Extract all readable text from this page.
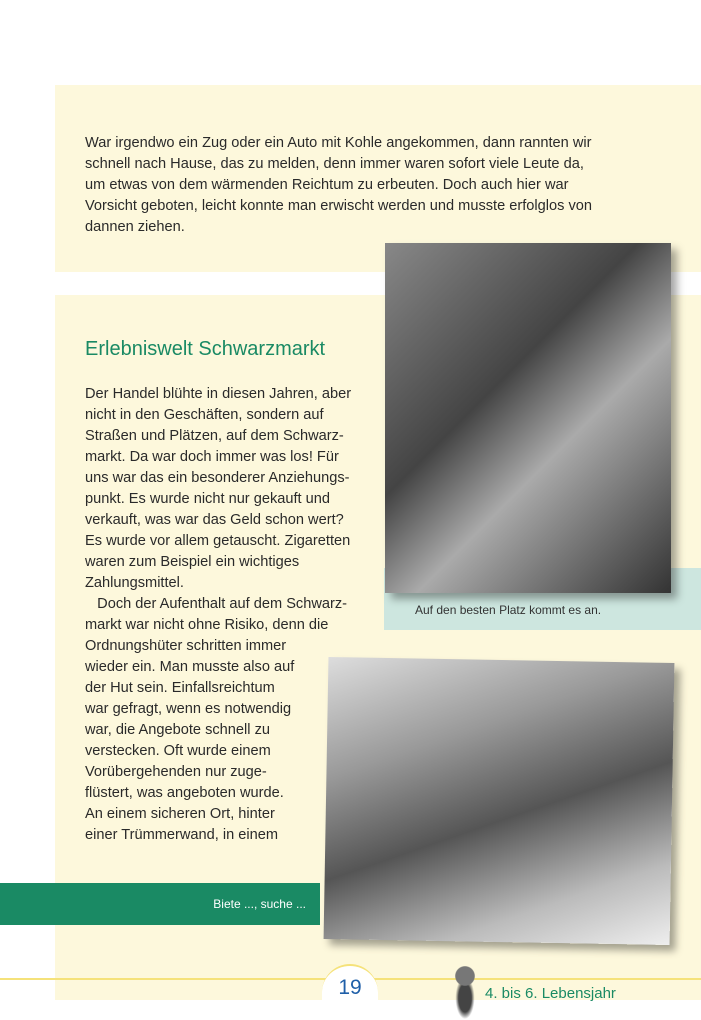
War irgendwo ein Zug oder ein Auto mit Kohle angekommen, dann rannten wir
schnell nach Hause, das zu melden, denn immer waren sofort viele Leute da,
um etwas von dem wärmenden Reichtum zu erbeuten. Doch auch hier war
Vorsicht geboten, leicht konnte man erwischt werden und musste erfolglos von
dannen ziehen.
Auf den besten Platz kommt es an.
Erlebniswelt Schwarzmarkt
Der Handel blühte in diesen Jahren, aber
nicht in den Geschäften, sondern auf
Straßen und Plätzen, auf dem Schwarz-
markt. Da war doch immer was los! Für
uns war das ein besonderer Anziehungs-
punkt. Es wurde nicht nur gekauft und
verkauft, was war das Geld schon wert?
Es wurde vor allem getauscht. Zigaretten
waren zum Beispiel ein wichtiges
Zahlungsmittel.
Doch der Aufenthalt auf dem Schwarz-
markt war nicht ohne Risiko, denn die
Ordnungshüter schritten immer
wieder ein. Man musste also auf
der Hut sein. Einfallsreichtum
war gefragt, wenn es notwendig
war, die Angebote schnell zu
verstecken. Oft wurde einem
Vorübergehenden nur zuge-
flüstert, was angeboten wurde.
An einem sicheren Ort, hinter
einer Trümmerwand, in einem
Biete ..., suche ...
19	4. bis 6. Lebensjahr
